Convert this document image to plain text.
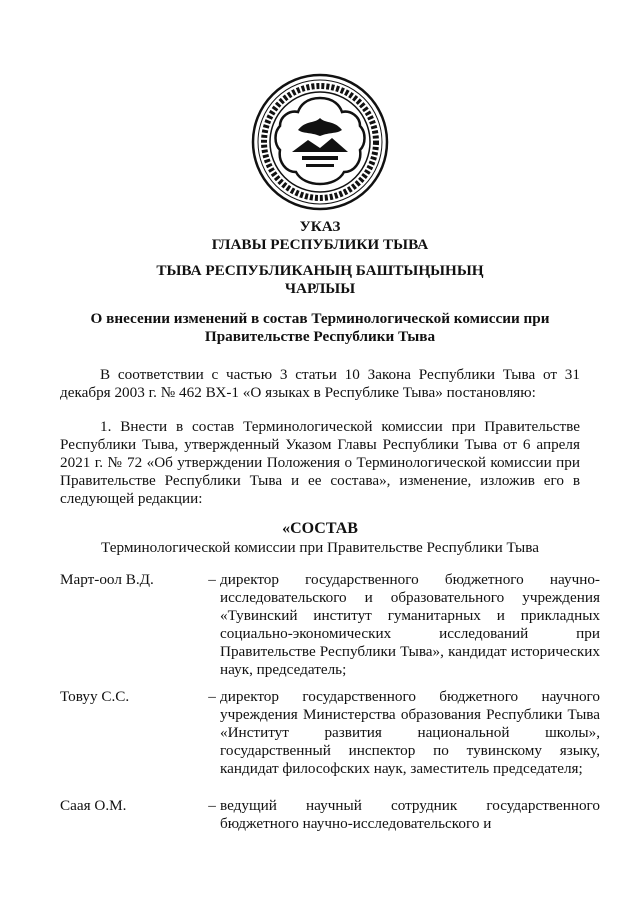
УКАЗ
ГЛАВЫ РЕСПУБЛИКИ ТЫВА
ТЫВА РЕСПУБЛИКАНЫҢ БАШТЫҢЫНЫҢ
ЧАРЛЫЫ
О внесении изменений в состав Терминологической комиссии при
Правительстве Республики Тыва
В соответствии с частью 3 статьи 10 Закона Республики Тыва от 31 декабря 2003 г. № 462 ВХ-1 «О языках в Республике Тыва» постановляю:
1. Внести в состав Терминологической комиссии при Правительстве Республики Тыва, утвержденный Указом Главы Республики Тыва от 6 апреля 2021 г. № 72 «Об утверждении Положения о Терминологической комиссии при Правительстве Республики Тыва и ее состава», изменение, изложив его в следующей редакции:
«СОСТАВ
Терминологической комиссии при Правительстве Республики Тыва
Март-оол В.Д.	– директор государственного бюджетного научно-исследовательского и образовательного учреждения «Тувинский институт гуманитарных и прикладных социально-экономических исследований при Правительстве Республики Тыва», кандидат исторических наук, председатель;
Товуу С.С.	– директор государственного бюджетного научного учреждения Министерства образования Республики Тыва «Институт развития национальной школы», государственный инспектор по тувинскому языку, кандидат философских наук, заместитель председателя;
Саая О.М.	– ведущий научный сотрудник государственного бюджетного научно-исследовательского и
